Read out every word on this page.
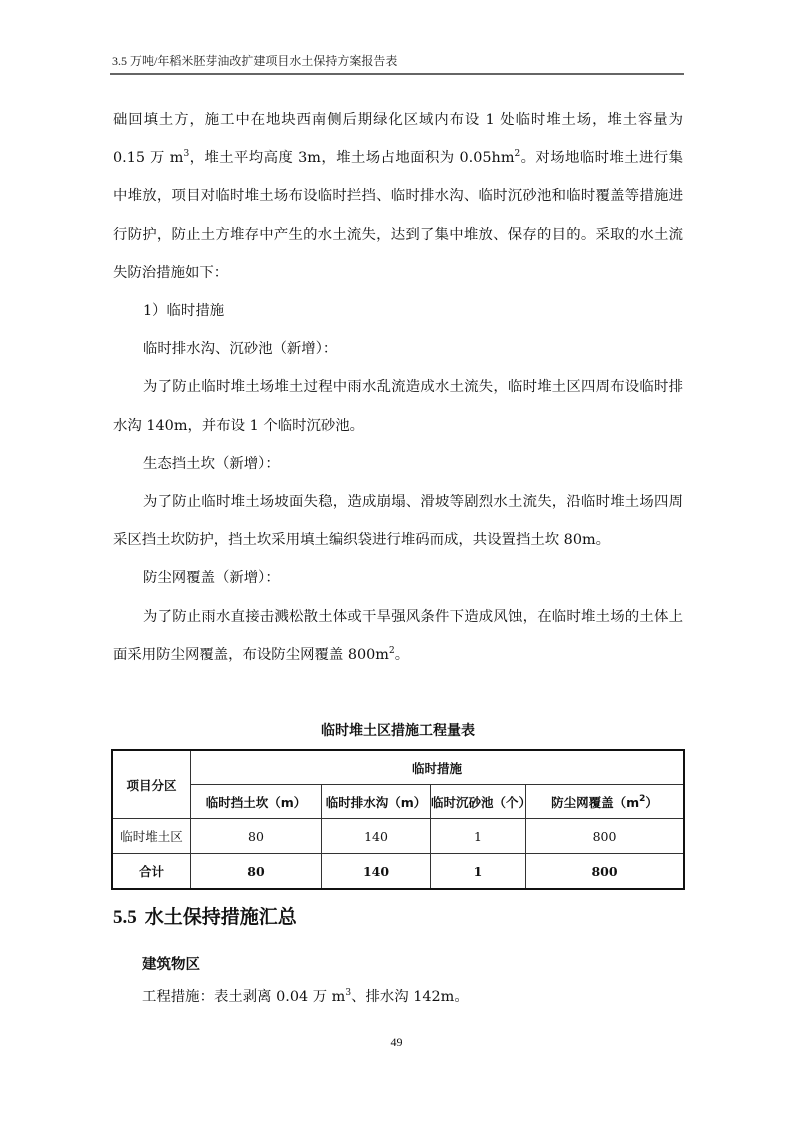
3.5 万吨/年稻米胚芽油改扩建项目水土保持方案报告表

础回填土方，施工中在地块西南侧后期绿化区域内布设 1 处临时堆土场，堆土容量为 0.15 万 $m^3$，堆土平均高度 3m，堆土场占地面积为 $0.05hm^2$。对场地临时堆土进行集中堆放，项目对临时堆土场布设临时拦挡、临时排水沟、临时沉砂池和临时覆盖等措施进行防护，防止土方堆存中产生的水土流失，达到了集中堆放、保存的目的。采取的水土流失防治措施如下：

1）临时措施

临时排水沟、沉砂池（新增）：

为了防止临时堆土场堆土过程中雨水乱流造成水土流失，临时堆土区四周布设临时排水沟 140m，并布设 1 个临时沉砂池。

生态挡土坎（新增）：

为了防止临时堆土场坡面失稳，造成崩塌、滑坡等剧烈水土流失，沿临时堆土场四周采区挡土坎防护，挡土坎采用填土编织袋进行堆码而成，共设置挡土坎 80m。

防尘网覆盖（新增）：

为了防止雨水直接击溅松散土体或干旱强风条件下造成风蚀，在临时堆土场的土体上面采用防尘网覆盖，布设防尘网覆盖 $800m^2$。

临时堆土区措施工程量表
项目分区	临时措施			
	临时挡土坎（m）	临时排水沟（m）	临时沉砂池（个）	防尘网覆盖$(m^2)$
临时堆土区	80	140	1	800
合计	80	140	1	800
5.5 水土保持措施汇总
建筑物区
工程措施：表土剥离 0.04 万 $m^3$、排水沟 142m。
49
